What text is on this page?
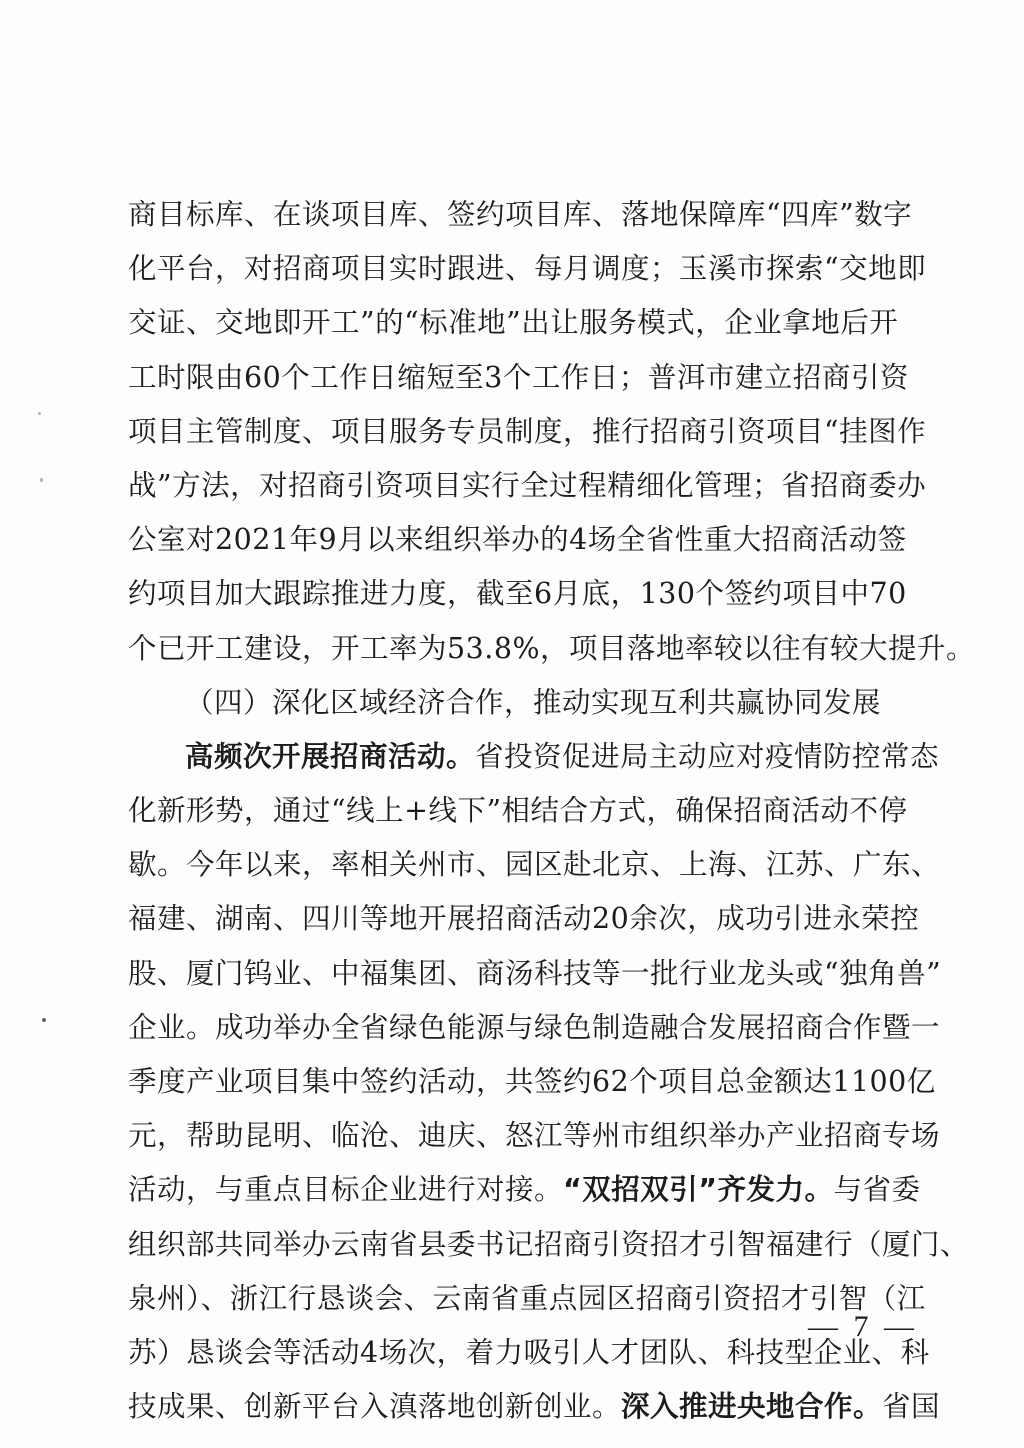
商目标库、在谈项目库、签约项目库、落地保障库“四库”数字
化平台，对招商项目实时跟进、每月调度；玉溪市探索“交地即
交证、交地即开工”的“标准地”出让服务模式，企业拿地后开
工时限由60个工作日缩短至3个工作日；普洱市建立招商引资
项目主管制度、项目服务专员制度，推行招商引资项目“挂图作
战”方法，对招商引资项目实行全过程精细化管理；省招商委办
公室对2021年9月以来组织举办的4场全省性重大招商活动签
约项目加大跟踪推进力度，截至6月底，130个签约项目中70
个已开工建设，开工率为53.8%，项目落地率较以往有较大提升。
（四）深化区域经济合作，推动实现互利共赢协同发展
高频次开展招商活动。省投资促进局主动应对疫情防控常态
化新形势，通过“线上+线下”相结合方式，确保招商活动不停
歇。今年以来，率相关州市、园区赴北京、上海、江苏、广东、
福建、湖南、四川等地开展招商活动20余次，成功引进永荣控
股、厦门钨业、中福集团、商汤科技等一批行业龙头或“独角兽”
企业。成功举办全省绿色能源与绿色制造融合发展招商合作暨一
季度产业项目集中签约活动，共签约62个项目总金额达1100亿
元，帮助昆明、临沧、迪庆、怒江等州市组织举办产业招商专场
活动，与重点目标企业进行对接。“双招双引”齐发力。与省委
组织部共同举办云南省县委书记招商引资招才引智福建行（厦门、
泉州）、浙江行恳谈会、云南省重点园区招商引资招才引智（江
苏）恳谈会等活动4场次，着力吸引人才团队、科技型企业、科
技成果、创新平台入滇落地创新创业。深入推进央地合作。省国
— 7 —
